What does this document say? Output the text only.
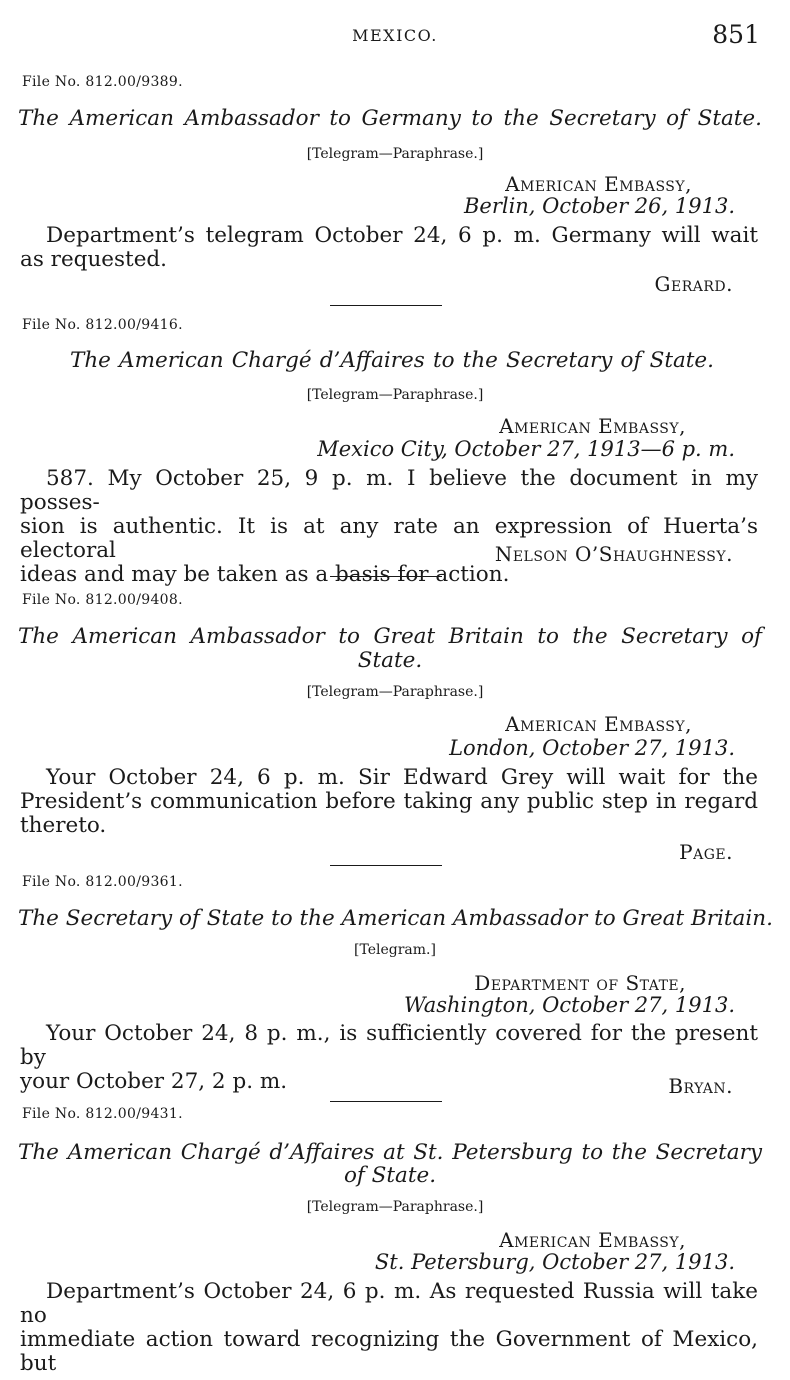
MEXICO.	851
File No. 812.00/9389.
The American Ambassador to Germany to the Secretary of State.
[Telegram—Paraphrase.]
American Embassy,
Berlin, October 26, 1913.
Department’s telegram October 24, 6 p. m. Germany will wait
as requested.
Gerard.
File No. 812.00/9416.
The American Chargé d’Affaires to the Secretary of State.
[Telegram—Paraphrase.]
American Embassy,
Mexico City, October 27, 1913—6 p. m.
587. My October 25, 9 p. m. I believe the document in my posses-
sion is authentic. It is at any rate an expression of Huerta’s electoral
ideas and may be taken as a basis for action.
Nelson O’Shaughnessy.
File No. 812.00/9408.
The American Ambassador to Great Britain to the Secretary of
State.
[Telegram—Paraphrase.]
American Embassy,
London, October 27, 1913.
Your October 24, 6 p. m. Sir Edward Grey will wait for the
President’s communication before taking any public step in regard
thereto.
Page.
File No. 812.00/9361.
The Secretary of State to the American Ambassador to Great Britain.
[Telegram.]
Department of State,
Washington, October 27, 1913.
Your October 24, 8 p. m., is sufficiently covered for the present by
your October 27, 2 p. m.	Bryan.
File No. 812.00/9431.
The American Chargé d’Affaires at St. Petersburg to the Secretary
of State.
[Telegram—Paraphrase.]
American Embassy,
St. Petersburg, October 27, 1913.
Department’s October 24, 6 p. m. As requested Russia will take no
immediate action toward recognizing the Government of Mexico, but
